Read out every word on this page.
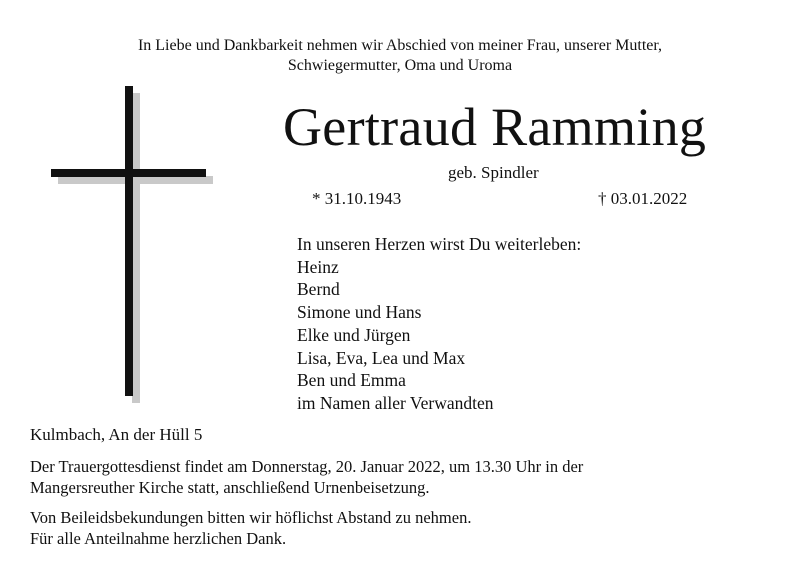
In Liebe und Dankbarkeit nehmen wir Abschied von meiner Frau, unserer Mutter,
Schwiegermutter, Oma und Uroma
Gertraud Ramming
geb. Spindler
* 31.10.1943	† 03.01.2022
In unseren Herzen wirst Du weiterleben:
Heinz
Bernd
Simone und Hans
Elke und Jürgen
Lisa, Eva, Lea und Max
Ben und Emma
im Namen aller Verwandten
Kulmbach, An der Hüll 5

Der Trauergottesdienst findet am Donnerstag, 20. Januar 2022, um 13.30 Uhr in der
Mangersreuther Kirche statt, anschließend Urnenbeisetzung.

Von Beileidsbekundungen bitten wir höflichst Abstand zu nehmen.
Für alle Anteilnahme herzlichen Dank.
